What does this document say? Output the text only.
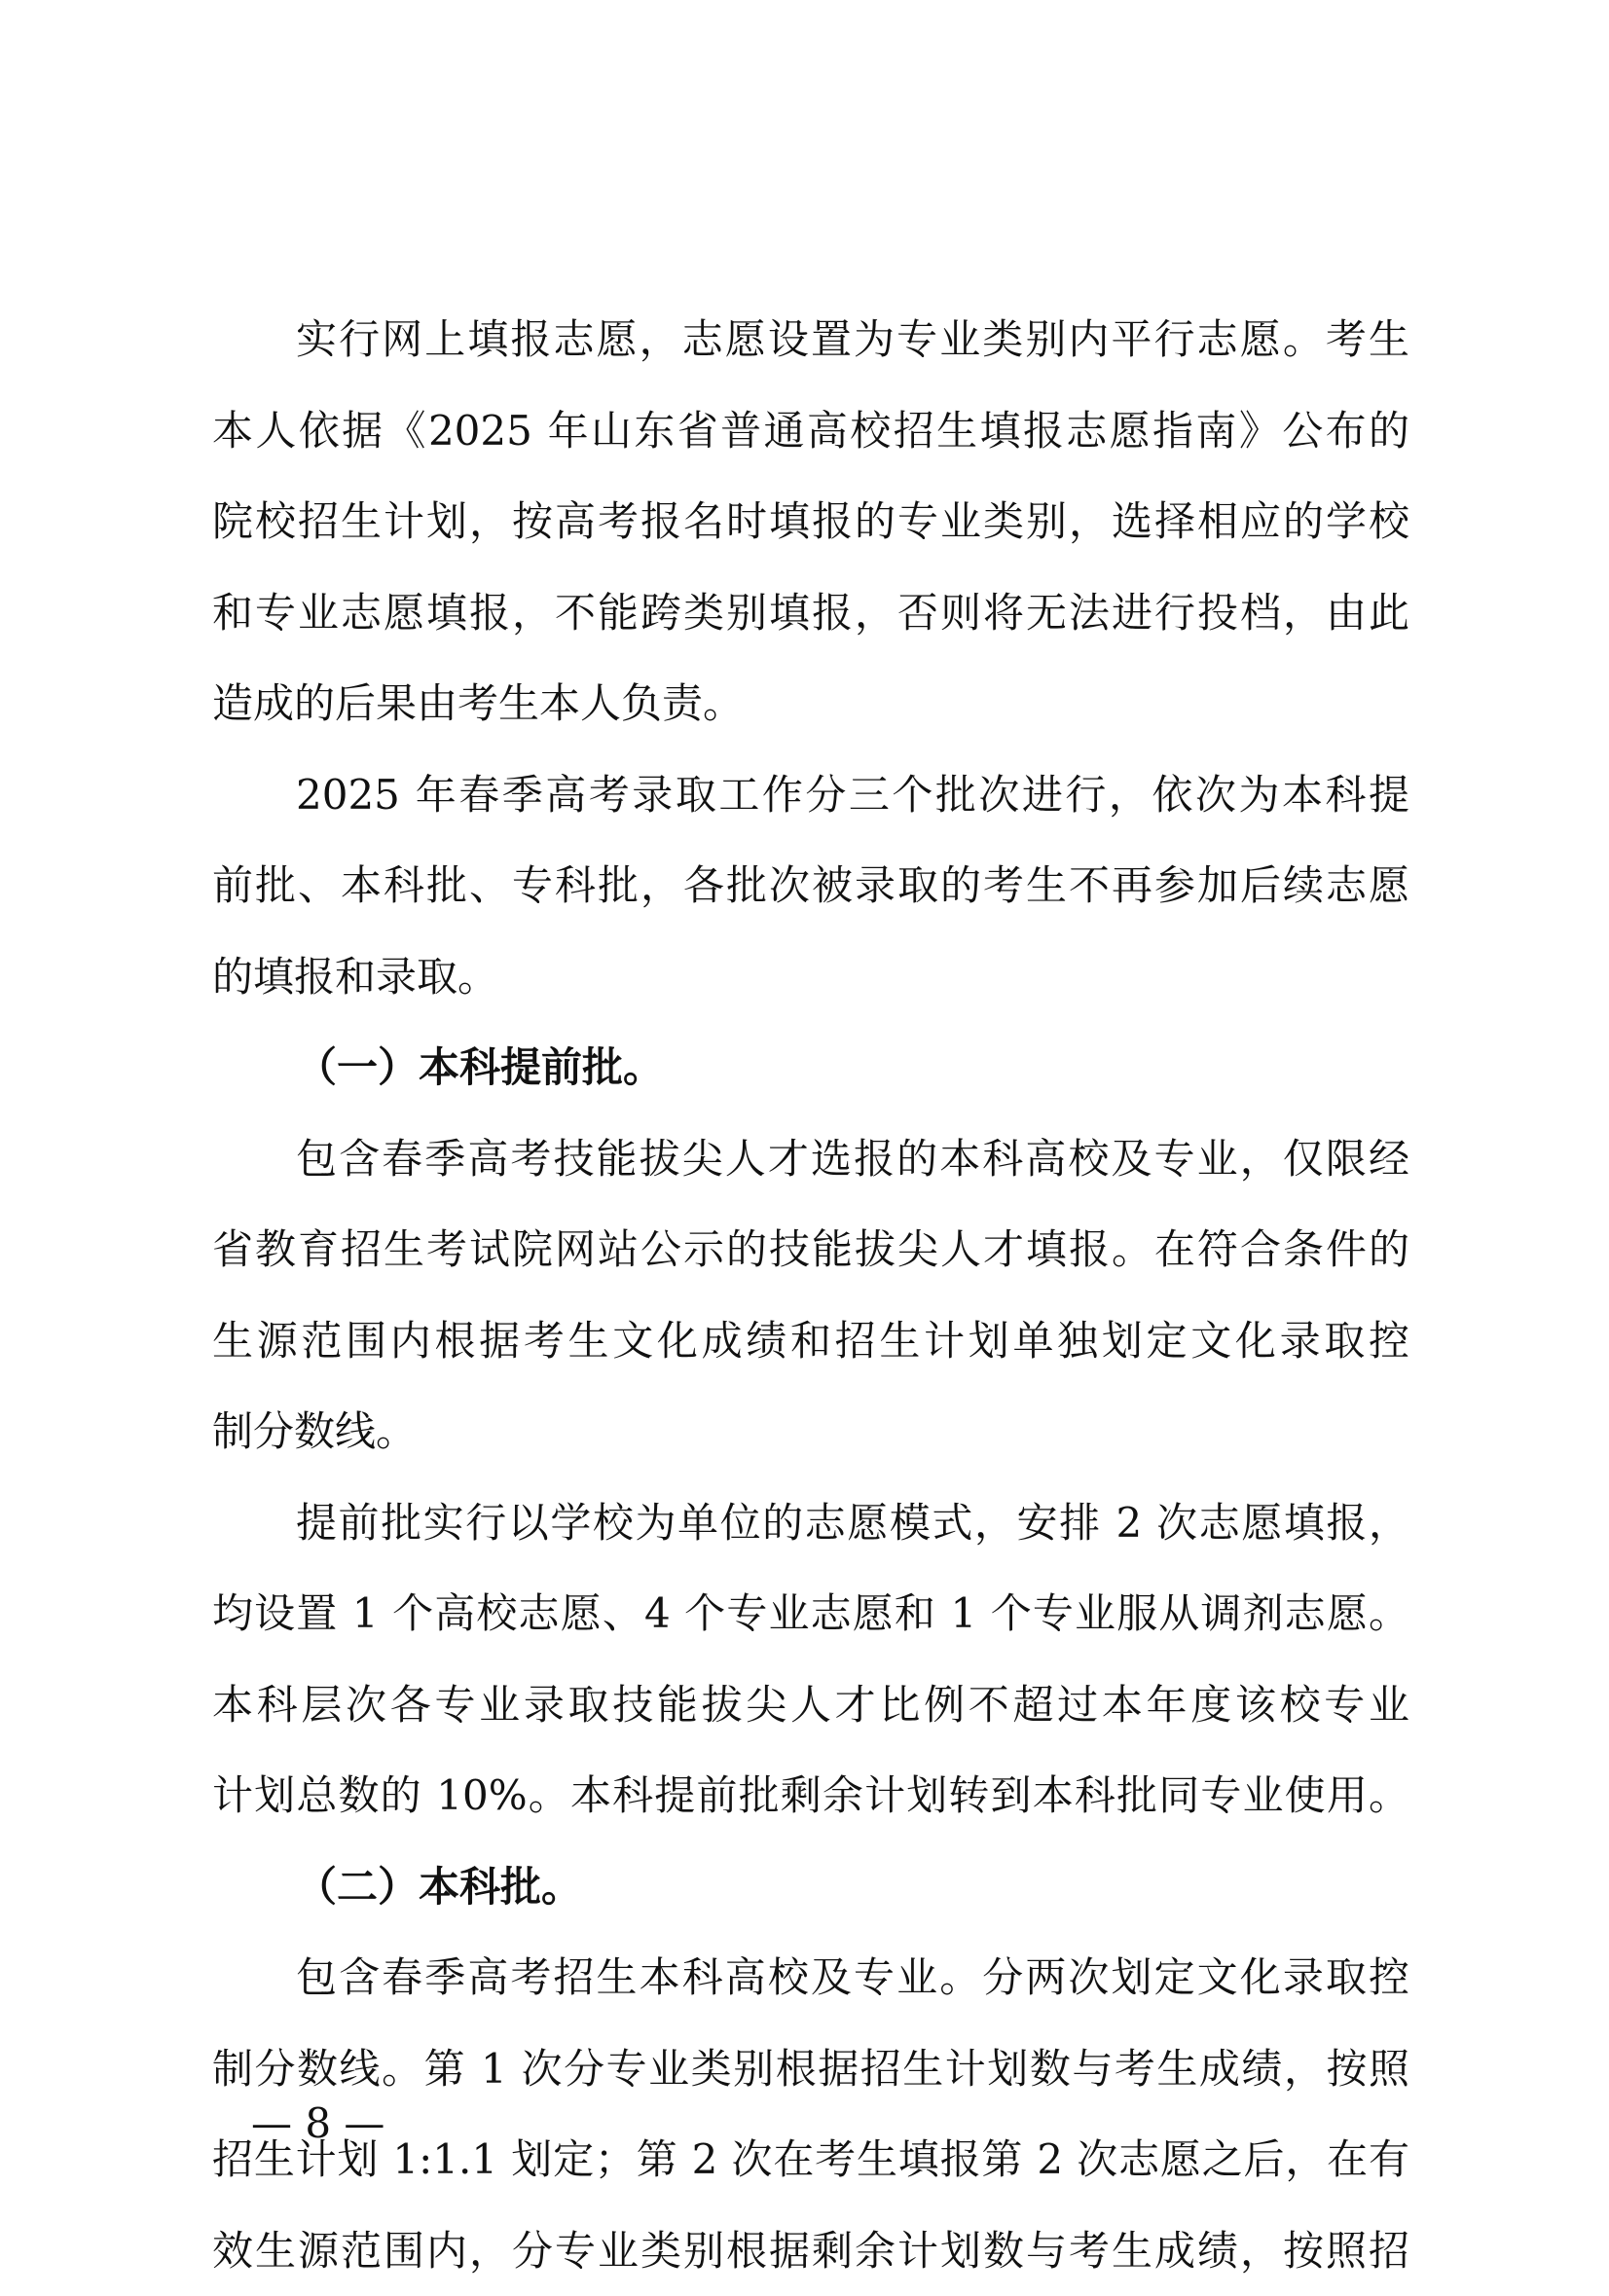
实行网上填报志愿，志愿设置为专业类别内平行志愿。考生
本人依据《2025 年山东省普通高校招生填报志愿指南》公布的
院校招生计划，按高考报名时填报的专业类别，选择相应的学校
和专业志愿填报，不能跨类别填报，否则将无法进行投档，由此
造成的后果由考生本人负责。
2025 年春季高考录取工作分三个批次进行，依次为本科提
前批、本科批、专科批，各批次被录取的考生不再参加后续志愿
的填报和录取。
（一）本科提前批。
包含春季高考技能拔尖人才选报的本科高校及专业，仅限经
省教育招生考试院网站公示的技能拔尖人才填报。在符合条件的
生源范围内根据考生文化成绩和招生计划单独划定文化录取控
制分数线。
提前批实行以学校为单位的志愿模式，安排 2 次志愿填报，
均设置 1 个高校志愿、4 个专业志愿和 1 个专业服从调剂志愿。
本科层次各专业录取技能拔尖人才比例不超过本年度该校专业
计划总数的 10%。本科提前批剩余计划转到本科批同专业使用。
（二）本科批。
包含春季高考招生本科高校及专业。分两次划定文化录取控
制分数线。第 1 次分专业类别根据招生计划数与考生成绩，按照
招生计划 1:1.1 划定；第 2 次在考生填报第 2 次志愿之后，在有
效生源范围内，分专业类别根据剩余计划数与考生成绩，按照招
— 8 —
